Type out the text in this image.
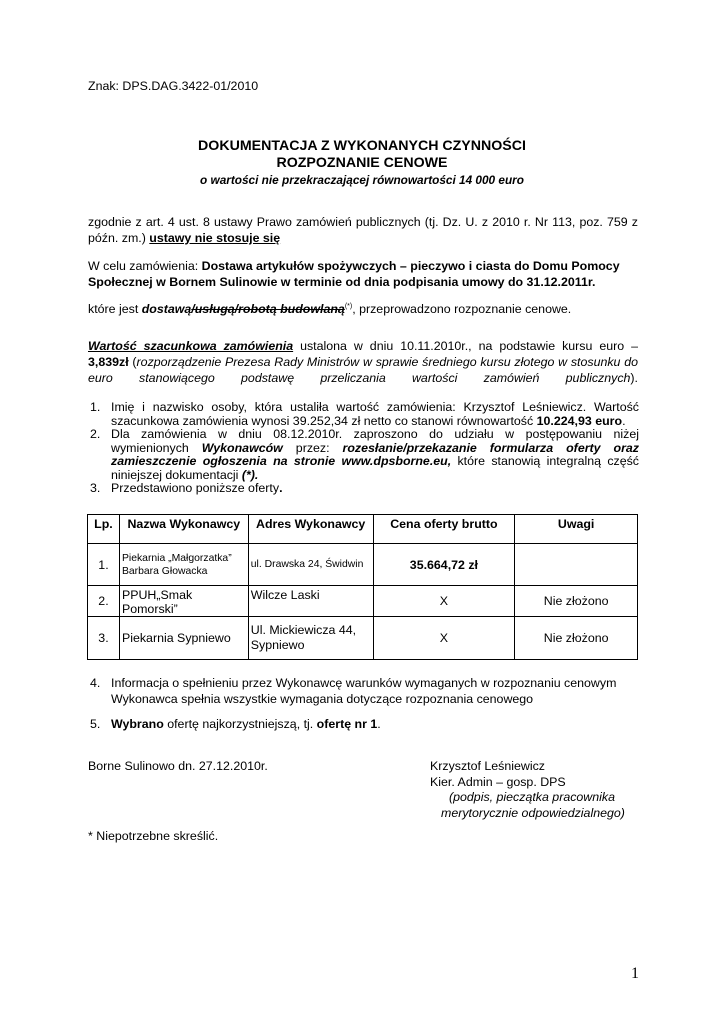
Znak: DPS.DAG.3422-01/2010

DOKUMENTACJA Z WYKONANYCH CZYNNOŚCI

ROZPOZNANIE CENOWE

o wartości nie przekraczającej równowartości 14 000 euro

zgodnie z art. 4 ust. 8 ustawy Prawo zamówień publicznych (tj. Dz. U. z 2010 r. Nr 113, poz. 759 z późn. zm.) ustawy nie stosuje się

W celu zamówienia: Dostawa artykułów spożywczych – pieczywo i ciasta do Domu Pomocy Społecznej w Bornem Sulinowie w terminie od dnia podpisania umowy do 31.12.2011r.

które jest dostawą/usługą/robotą budowlaną(*), przeprowadzono rozpoznanie cenowe.

Wartość szacunkowa zamówienia ustalona w dniu 10.11.2010r., na podstawie kursu euro – 3,839zł (rozporządzenie Prezesa Rady Ministrów w sprawie średniego kursu złotego w stosunku do euro stanowiącego podstawę przeliczania wartości zamówień publicznych).

1. Imię i nazwisko osoby, która ustaliła wartość zamówienia: Krzysztof Leśniewicz. Wartość szacunkowa zamówienia wynosi 39.252,34 zł netto co stanowi równowartość 10.224,93 euro.
2. Dla zamówienia w dniu 08.12.2010r. zaproszono do udziału w postępowaniu niżej wymienionych Wykonawców przez: rozesłanie/przekazanie formularza oferty oraz zamieszczenie ogłoszenia na stronie www.dpsborne.eu, które stanowią integralną część niniejszej dokumentacji (*).
3. Przedstawiono poniższe oferty.
Lp.	Nazwa Wykonawcy	Adres Wykonawcy	Cena oferty brutto	Uwagi
1.	Piekarnia „Małgorzatka” Barbara Głowacka	ul. Drawska 24, Świdwin	35.664,72 zł	
2.	PPUH„Smak Pomorski”	Wilcze Laski	X	Nie złożono
3.	Piekarnia Sypniewo	Ul. Mickiewicza 44, Sypniewo	X	Nie złożono
4. Informacja o spełnieniu przez Wykonawcę warunków wymaganych w rozpoznaniu cenowym

Wykonawca spełnia wszystkie wymagania dotyczące rozpoznania cenowego

5. Wybrano ofertę najkorzystniejszą, tj. ofertę nr 1.

Borne Sulinowo dn. 27.12.2010r.	Krzysztof Leśniewicz

Kier. Admin – gosp. DPS

(podpis, pieczątka pracownika

merytorycznie odpowiedzialnego)

* Niepotrzebne skreślić.

1
